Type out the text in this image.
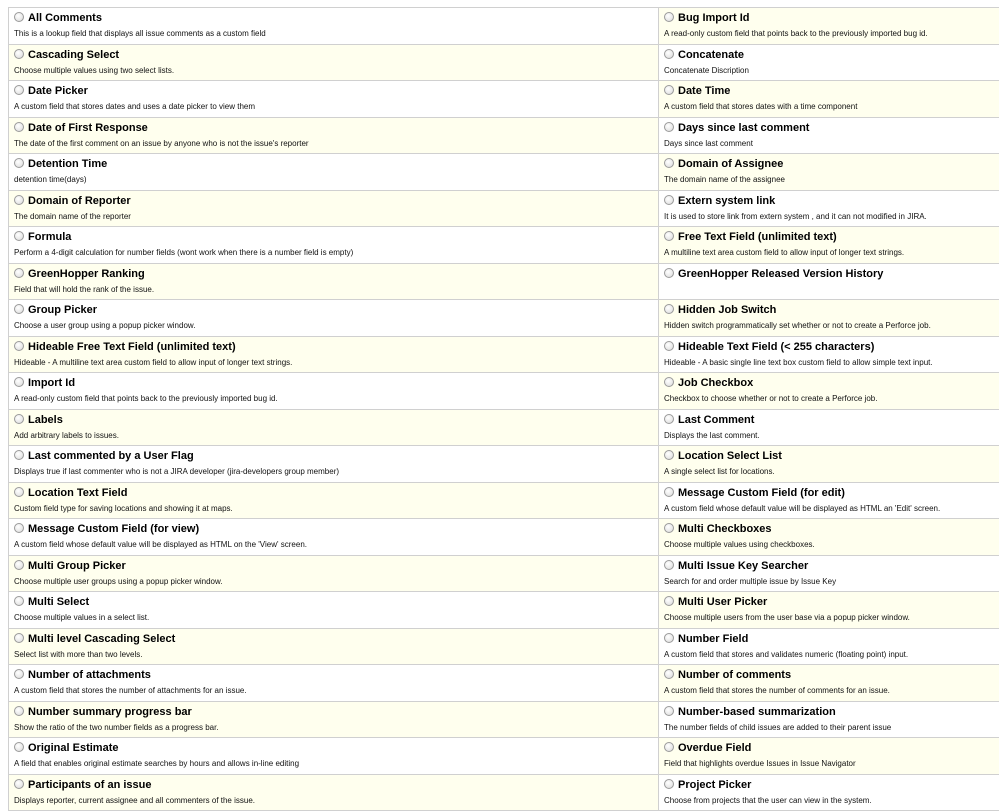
All Comments
This is a lookup field that displays all issue comments as a custom field
Bug Import Id
A read-only custom field that points back to the previously imported bug id.
Cascading Select
Choose multiple values using two select lists.
Concatenate
Concatenate Discription
Date Picker
A custom field that stores dates and uses a date picker to view them
Date Time
A custom field that stores dates with a time component
Date of First Response
The date of the first comment on an issue by anyone who is not the issue's reporter
Days since last comment
Days since last comment
Detention Time
detention time(days)
Domain of Assignee
The domain name of the assignee
Domain of Reporter
The domain name of the reporter
Extern system link
It is used to store link from extern system , and it can not modified in JIRA.
Formula
Perform a 4-digit calculation for number fields (wont work when there is a number field is empty)
Free Text Field (unlimited text)
A multiline text area custom field to allow input of longer text strings.
GreenHopper Ranking
Field that will hold the rank of the issue.
GreenHopper Released Version History
Group Picker
Choose a user group using a popup picker window.
Hidden Job Switch
Hidden switch programmatically set whether or not to create a Perforce job.
Hideable Free Text Field (unlimited text)
Hideable - A multiline text area custom field to allow input of longer text strings.
Hideable Text Field (< 255 characters)
Hideable - A basic single line text box custom field to allow simple text input.
Import Id
A read-only custom field that points back to the previously imported bug id.
Job Checkbox
Checkbox to choose whether or not to create a Perforce job.
Labels
Add arbitrary labels to issues.
Last Comment
Displays the last comment.
Last commented by a User Flag
Displays true if last commenter who is not a JIRA developer (jira-developers group member)
Location Select List
A single select list for locations.
Location Text Field
Custom field type for saving locations and showing it at maps.
Message Custom Field (for edit)
A custom field whose default value will be displayed as HTML an 'Edit' screen.
Message Custom Field (for view)
A custom field whose default value will be displayed as HTML on the 'View' screen.
Multi Checkboxes
Choose multiple values using checkboxes.
Multi Group Picker
Choose multiple user groups using a popup picker window.
Multi Issue Key Searcher
Search for and order multiple issue by Issue Key
Multi Select
Choose multiple values in a select list.
Multi User Picker
Choose multiple users from the user base via a popup picker window.
Multi level Cascading Select
Select list with more than two levels.
Number Field
A custom field that stores and validates numeric (floating point) input.
Number of attachments
A custom field that stores the number of attachments for an issue.
Number of comments
A custom field that stores the number of comments for an issue.
Number summary progress bar
Show the ratio of the two number fields as a progress bar.
Number-based summarization
The number fields of child issues are added to their parent issue
Original Estimate
A field that enables original estimate searches by hours and allows in-line editing
Overdue Field
Field that highlights overdue Issues in Issue Navigator
Participants of an issue
Displays reporter, current assignee and all commenters of the issue.
Project Picker
Choose from projects that the user can view in the system.
